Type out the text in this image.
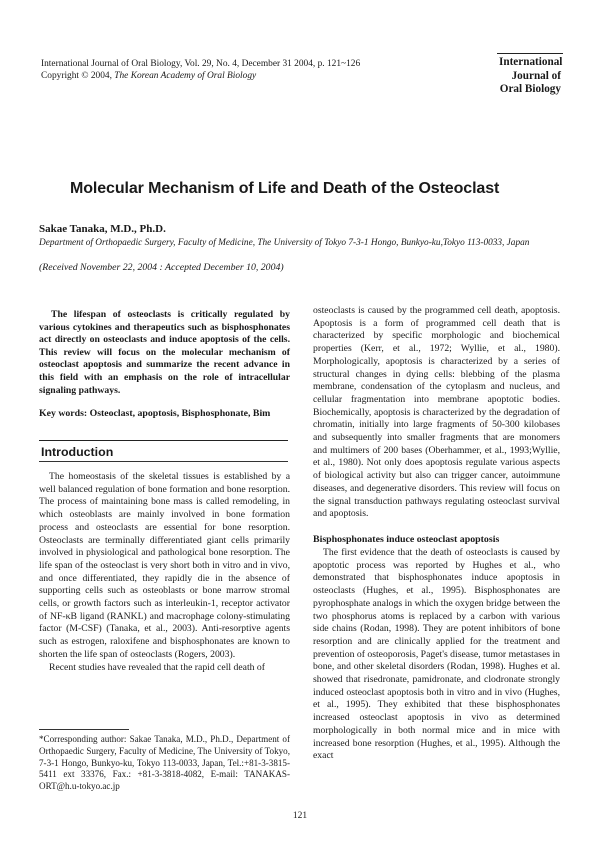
International Journal of Oral Biology, Vol. 29, No. 4, December 31 2004, p. 121~126
Copyright © 2004, The Korean Academy of Oral Biology
International
Journal of
Oral Biology
Molecular Mechanism of Life and Death of the Osteoclast
Sakae Tanaka, M.D., Ph.D.
Department of Orthopaedic Surgery, Faculty of Medicine, The University of Tokyo 7-3-1 Hongo, Bunkyo-ku,Tokyo 113-0033, Japan
(Received November 22, 2004 : Accepted December 10, 2004)
The lifespan of osteoclasts is critically regulated by various cytokines and therapeutics such as bisphosphonates act directly on osteoclasts and induce apoptosis of the cells. This review will focus on the molecular mechanism of osteoclast apoptosis and summarize the recent advance in this field with an emphasis on the role of intracellular signaling pathways.
Key words: Osteoclast, apoptosis, Bisphosphonate, Bim
Introduction

The homeostasis of the skeletal tissues is established by a well balanced regulation of bone formation and bone resorption. The process of maintaining bone mass is called remodeling, in which osteoblasts are mainly involved in bone formation process and osteoclasts are essential for bone resorption. Osteoclasts are terminally differentiated giant cells primarily involved in physiological and pathological bone resorption. The life span of the osteoclast is very short both in vitro and in vivo, and once differentiated, they rapidly die in the absence of supporting cells such as osteoblasts or bone marrow stromal cells, or growth factors such as interleukin-1, receptor activator of NF-κB ligand (RANKL) and macrophage colony-stimulating factor (M-CSF) (Tanaka, et al., 2003). Anti-resorptive agents such as estrogen, raloxifene and bisphosphonates are known to shorten the life span of osteoclasts (Rogers, 2003).

Recent studies have revealed that the rapid cell death of

osteoclasts is caused by the programmed cell death, apoptosis. Apoptosis is a form of programmed cell death that is characterized by specific morphologic and biochemical properties (Kerr, et al., 1972; Wyllie, et al., 1980). Morphologically, apoptosis is characterized by a series of structural changes in dying cells: blebbing of the plasma membrane, condensation of the cytoplasm and nucleus, and cellular fragmentation into membrane apoptotic bodies. Biochemically, apoptosis is characterized by the degradation of chromatin, initially into large fragments of 50-300 kilobases and subsequently into smaller fragments that are monomers and multimers of 200 bases (Oberhammer, et al., 1993;Wyllie, et al., 1980). Not only does apoptosis regulate various aspects of biological activity but also can trigger cancer, autoimmune diseases, and degenerative disorders. This review will focus on the signal transduction pathways regulating osteoclast survival and apoptosis.

Bisphosphonates induce osteoclast apoptosis

The first evidence that the death of osteoclasts is caused by apoptotic process was reported by Hughes et al., who demonstrated that bisphosphonates induce apoptosis in osteoclasts (Hughes, et al., 1995). Bisphosphonates are pyrophosphate analogs in which the oxygen bridge between the two phosphorus atoms is replaced by a carbon with various side chains (Rodan, 1998). They are potent inhibitors of bone resorption and are clinically applied for the treatment and prevention of osteoporosis, Paget's disease, tumor metastases in bone, and other skeletal disorders (Rodan, 1998). Hughes et al. showed that risedronate, pamidronate, and clodronate strongly induced osteoclast apoptosis both in vitro and in vivo (Hughes, et al., 1995). They exhibited that these bisphosphonates increased osteoclast apoptosis in vivo as determined morphologically in both normal mice and in mice with increased bone resorption (Hughes, et al., 1995). Although the exact

*Corresponding author: Sakae Tanaka, M.D., Ph.D., Department of Orthopaedic Surgery, Faculty of Medicine, The University of Tokyo, 7-3-1 Hongo, Bunkyo-ku, Tokyo 113-0033, Japan, Tel.:+81-3-3815-5411 ext 33376, Fax.: +81-3-3818-4082, E-mail: TANAKAS-ORT@h.u-tokyo.ac.jp
121
